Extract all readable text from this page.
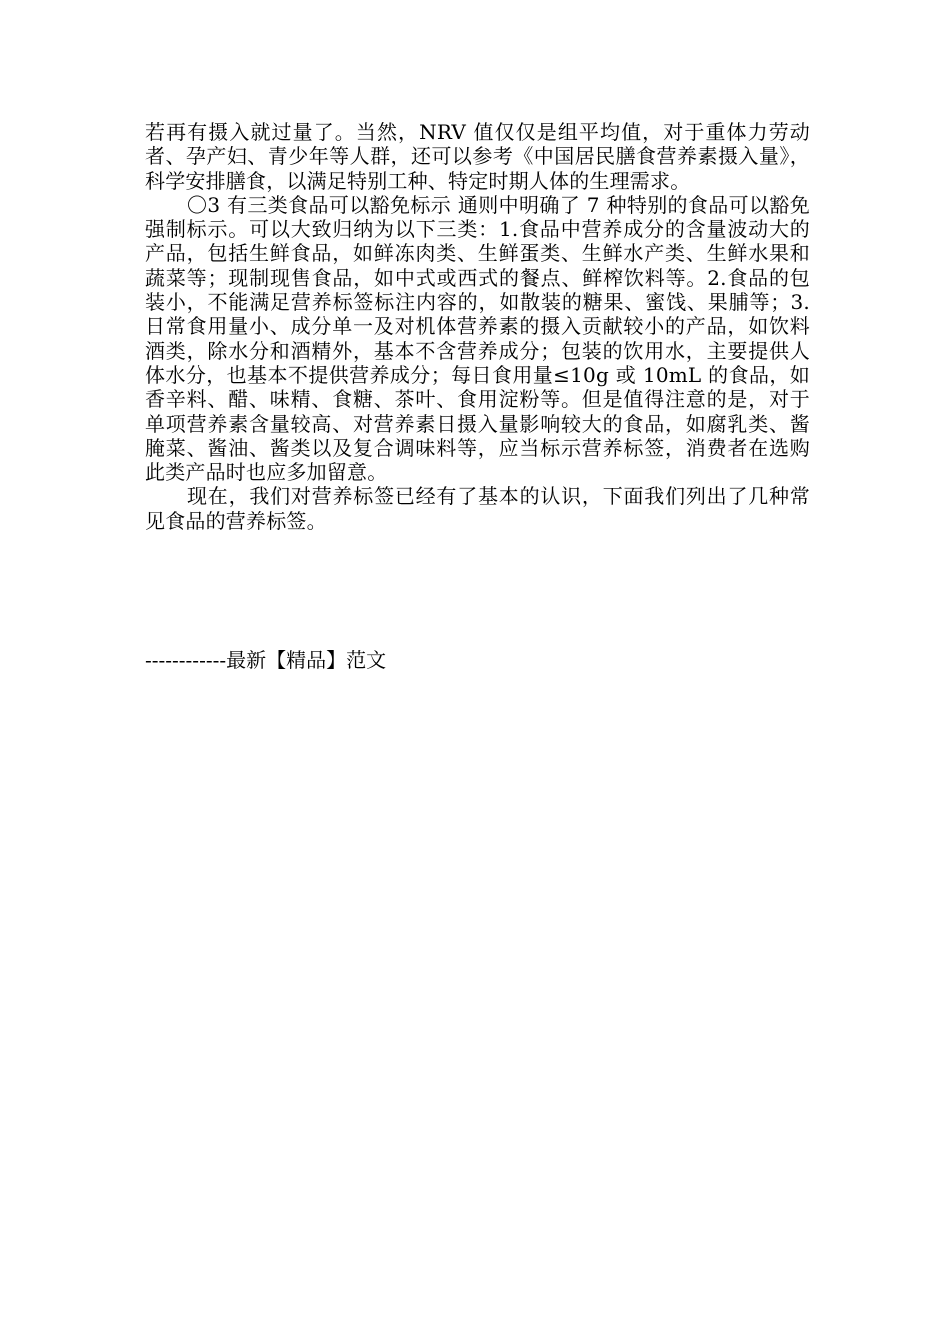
若再有摄入就过量了。当然，NRV 值仅仅是组平均值，对于重体力劳动者、孕产妇、青少年等人群，还可以参考《中国居民膳食营养素摄入量》，科学安排膳食，以满足特别工种、特定时期人体的生理需求。

〇3 有三类食品可以豁免标示 通则中明确了 7 种特别的食品可以豁免强制标示。可以大致归纳为以下三类：1.食品中营养成分的含量波动大的产品，包括生鲜食品，如鲜冻肉类、生鲜蛋类、生鲜水产类、生鲜水果和蔬菜等；现制现售食品，如中式或西式的餐点、鲜榨饮料等。2.食品的包装小，不能满足营养标签标注内容的，如散装的糖果、蜜饯、果脯等；3.日常食用量小、成分单一及对机体营养素的摄入贡献较小的产品，如饮料酒类，除水分和酒精外，基本不含营养成分；包装的饮用水，主要提供人体水分，也基本不提供营养成分；每日食用量≤10g 或 10mL 的食品，如香辛料、醋、味精、食糖、茶叶、食用淀粉等。但是值得注意的是，对于单项营养素含量较高、对营养素日摄入量影响较大的食品，如腐乳类、酱腌菜、酱油、酱类以及复合调味料等，应当标示营养标签，消费者在选购此类产品时也应多加留意。

现在，我们对营养标签已经有了基本的认识，下面我们列出了几种常见食品的营养标签。

------------最新【精品】范文
